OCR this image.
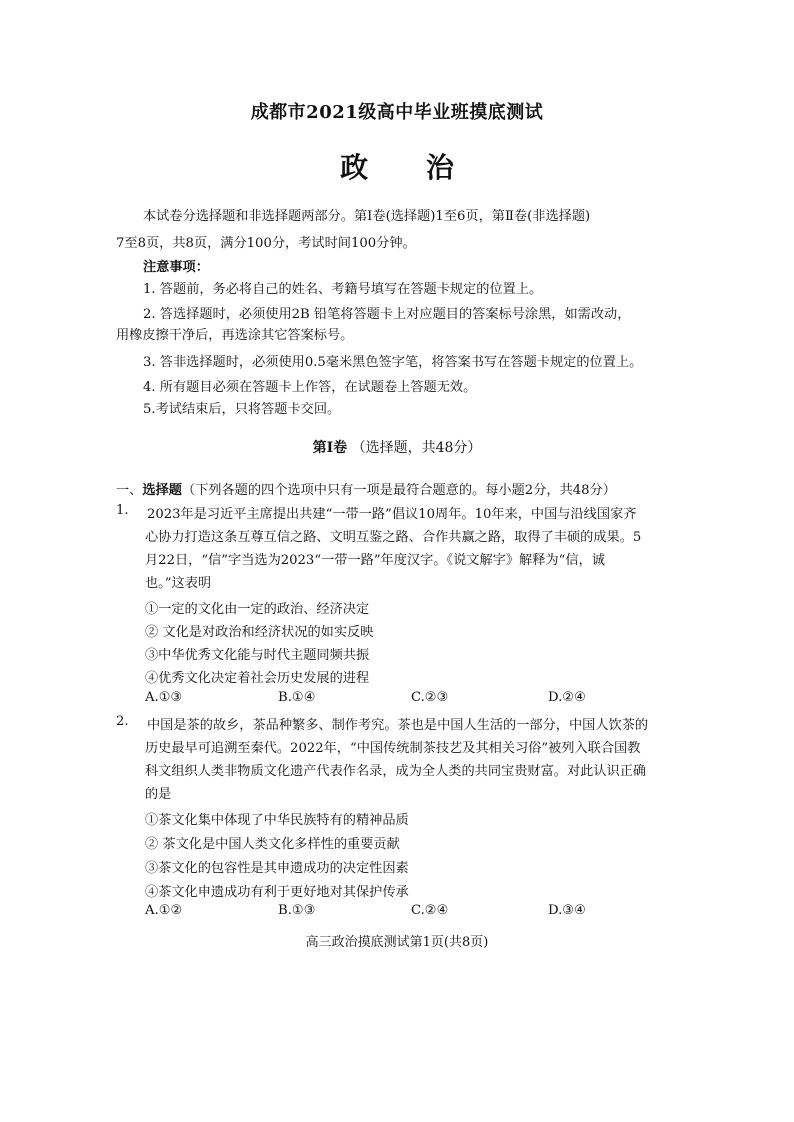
成都市2021级高中毕业班摸底测试
政 治
本试卷分选择题和非选择题两部分。第Ⅰ卷(选择题)1至6页，第Ⅱ卷(非选择题)
7至8页，共8页，满分100分，考试时间100分钟。
注意事项：
1. 答题前，务必将自己的姓名、考籍号填写在答题卡规定的位置上。
2. 答选择题时，必须使用2B 铅笔将答题卡上对应题目的答案标号涂黑，如需改动，
用橡皮擦干净后，再选涂其它答案标号。
3. 答非选择题时，必须使用0.5毫米黑色签字笔，将答案书写在答题卡规定的位置上。
4. 所有题目必须在答题卡上作答，在试题卷上答题无效。
5.考试结束后，只将答题卡交回。
第Ⅰ卷 （选择题，共48分）
一、选择题（下列各题的四个选项中只有一项是最符合题意的。每小题2分，共48分）
1. 2023年是习近平主席提出共建“一带一路”倡议10周年。10年来，中国与沿线国家齐
心协力打造这条互尊互信之路、文明互鉴之路、合作共赢之路，取得了丰硕的成果。5
月22日，“信”字当选为2023“一带一路”年度汉字。《说文解字》解释为“信，诚
也。”这表明
①一定的文化由一定的政治、经济决定
② 文化是对政治和经济状况的如实反映
③中华优秀文化能与时代主题同频共振
④优秀文化决定着社会历史发展的进程
A.①③	B.①④	C.②③	D.②④
2. 中国是茶的故乡，茶品种繁多、制作考究。茶也是中国人生活的一部分，中国人饮茶的
历史最早可追溯至秦代。2022年，“中国传统制茶技艺及其相关习俗”被列入联合国教
科文组织人类非物质文化遗产代表作名录，成为全人类的共同宝贵财富。对此认识正确
的是
①茶文化集中体现了中华民族特有的精神品质
② 茶文化是中国人类文化多样性的重要贡献
③茶文化的包容性是其申遗成功的决定性因素
④茶文化申遗成功有利于更好地对其保护传承
A.①②	B.①③	C.②④	D.③④
高三政治摸底测试第1页(共8页)
